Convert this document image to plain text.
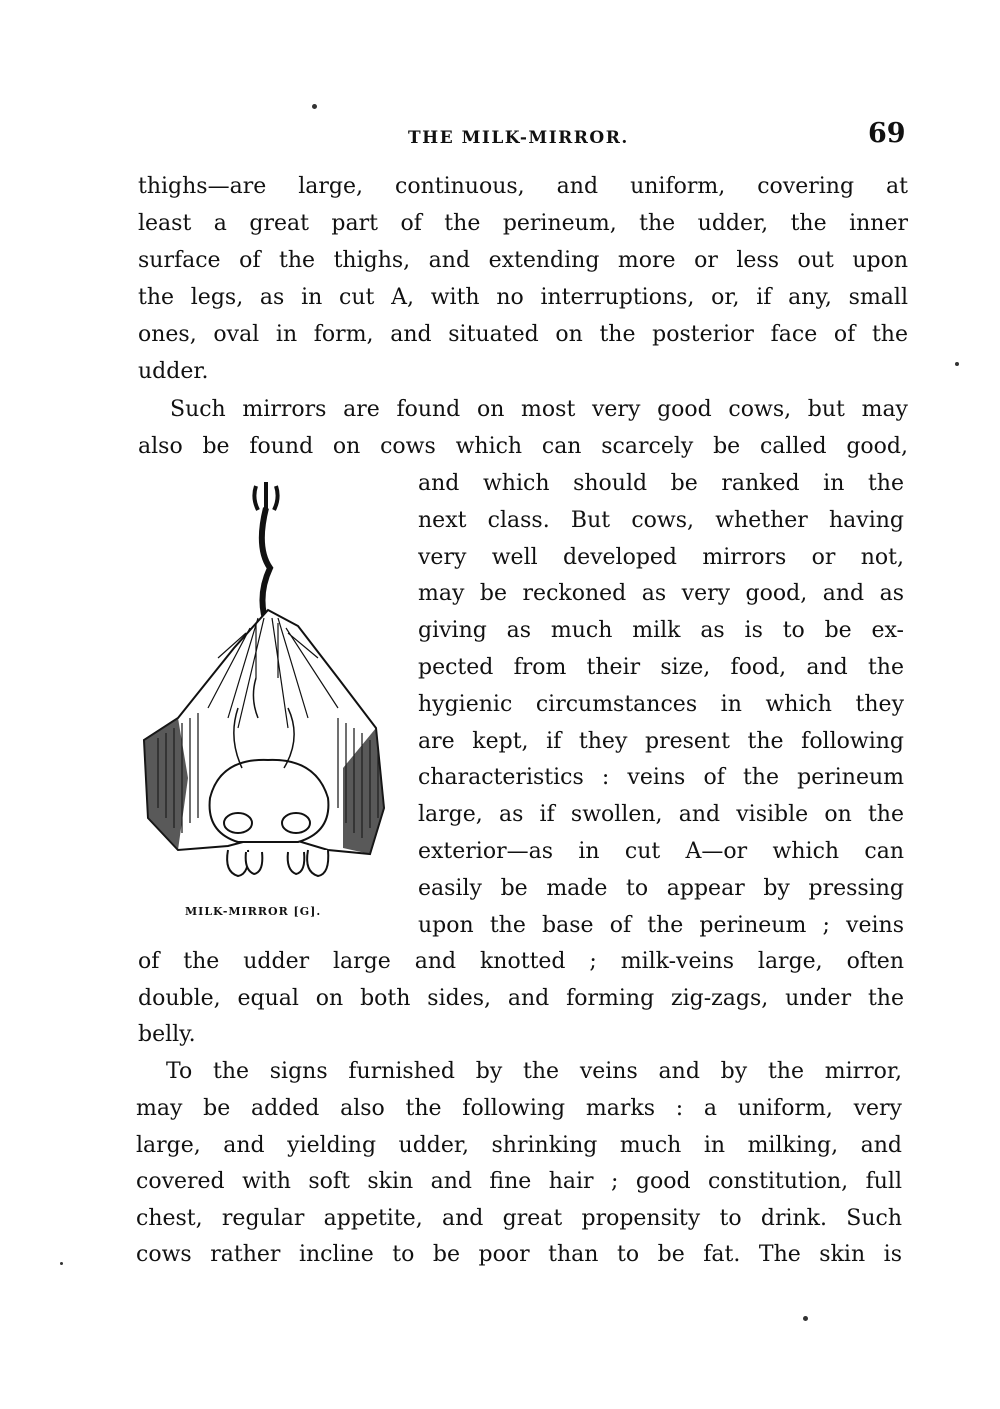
THE MILK-MIRROR.	69
thighs—are large, continuous, and uniform, covering at
least a great part of the perineum, the udder, the inner
surface of the thighs, and extending more or less out upon
the legs, as in cut A, with no interruptions, or, if any, small
ones, oval in form, and situated on the posterior face of the
udder.
Such mirrors are found on most very good cows, but may
also be found on cows which can scarcely be called good,
and which should be ranked in the
next class. But cows, whether having
very well developed mirrors or not,
may be reckoned as very good, and as
giving as much milk as is to be ex-
pected from their size, food, and the
hygienic circumstances in which they
are kept, if they present the following
characteristics : veins of the perineum
large, as if swollen, and visible on the
exterior—as in cut A—or which can
easily be made to appear by pressing
upon the base of the perineum ; veins
of the udder large and knotted ; milk-veins large, often
double, equal on both sides, and forming zig-zags, under the
belly.
To the signs furnished by the veins and by the mirror,
may be added also the following marks : a uniform, very
large, and yielding udder, shrinking much in milking, and
covered with soft skin and fine hair ; good constitution, full
chest, regular appetite, and great propensity to drink. Such
cows rather incline to be poor than to be fat. The skin is
MILK-MIRROR [G].
